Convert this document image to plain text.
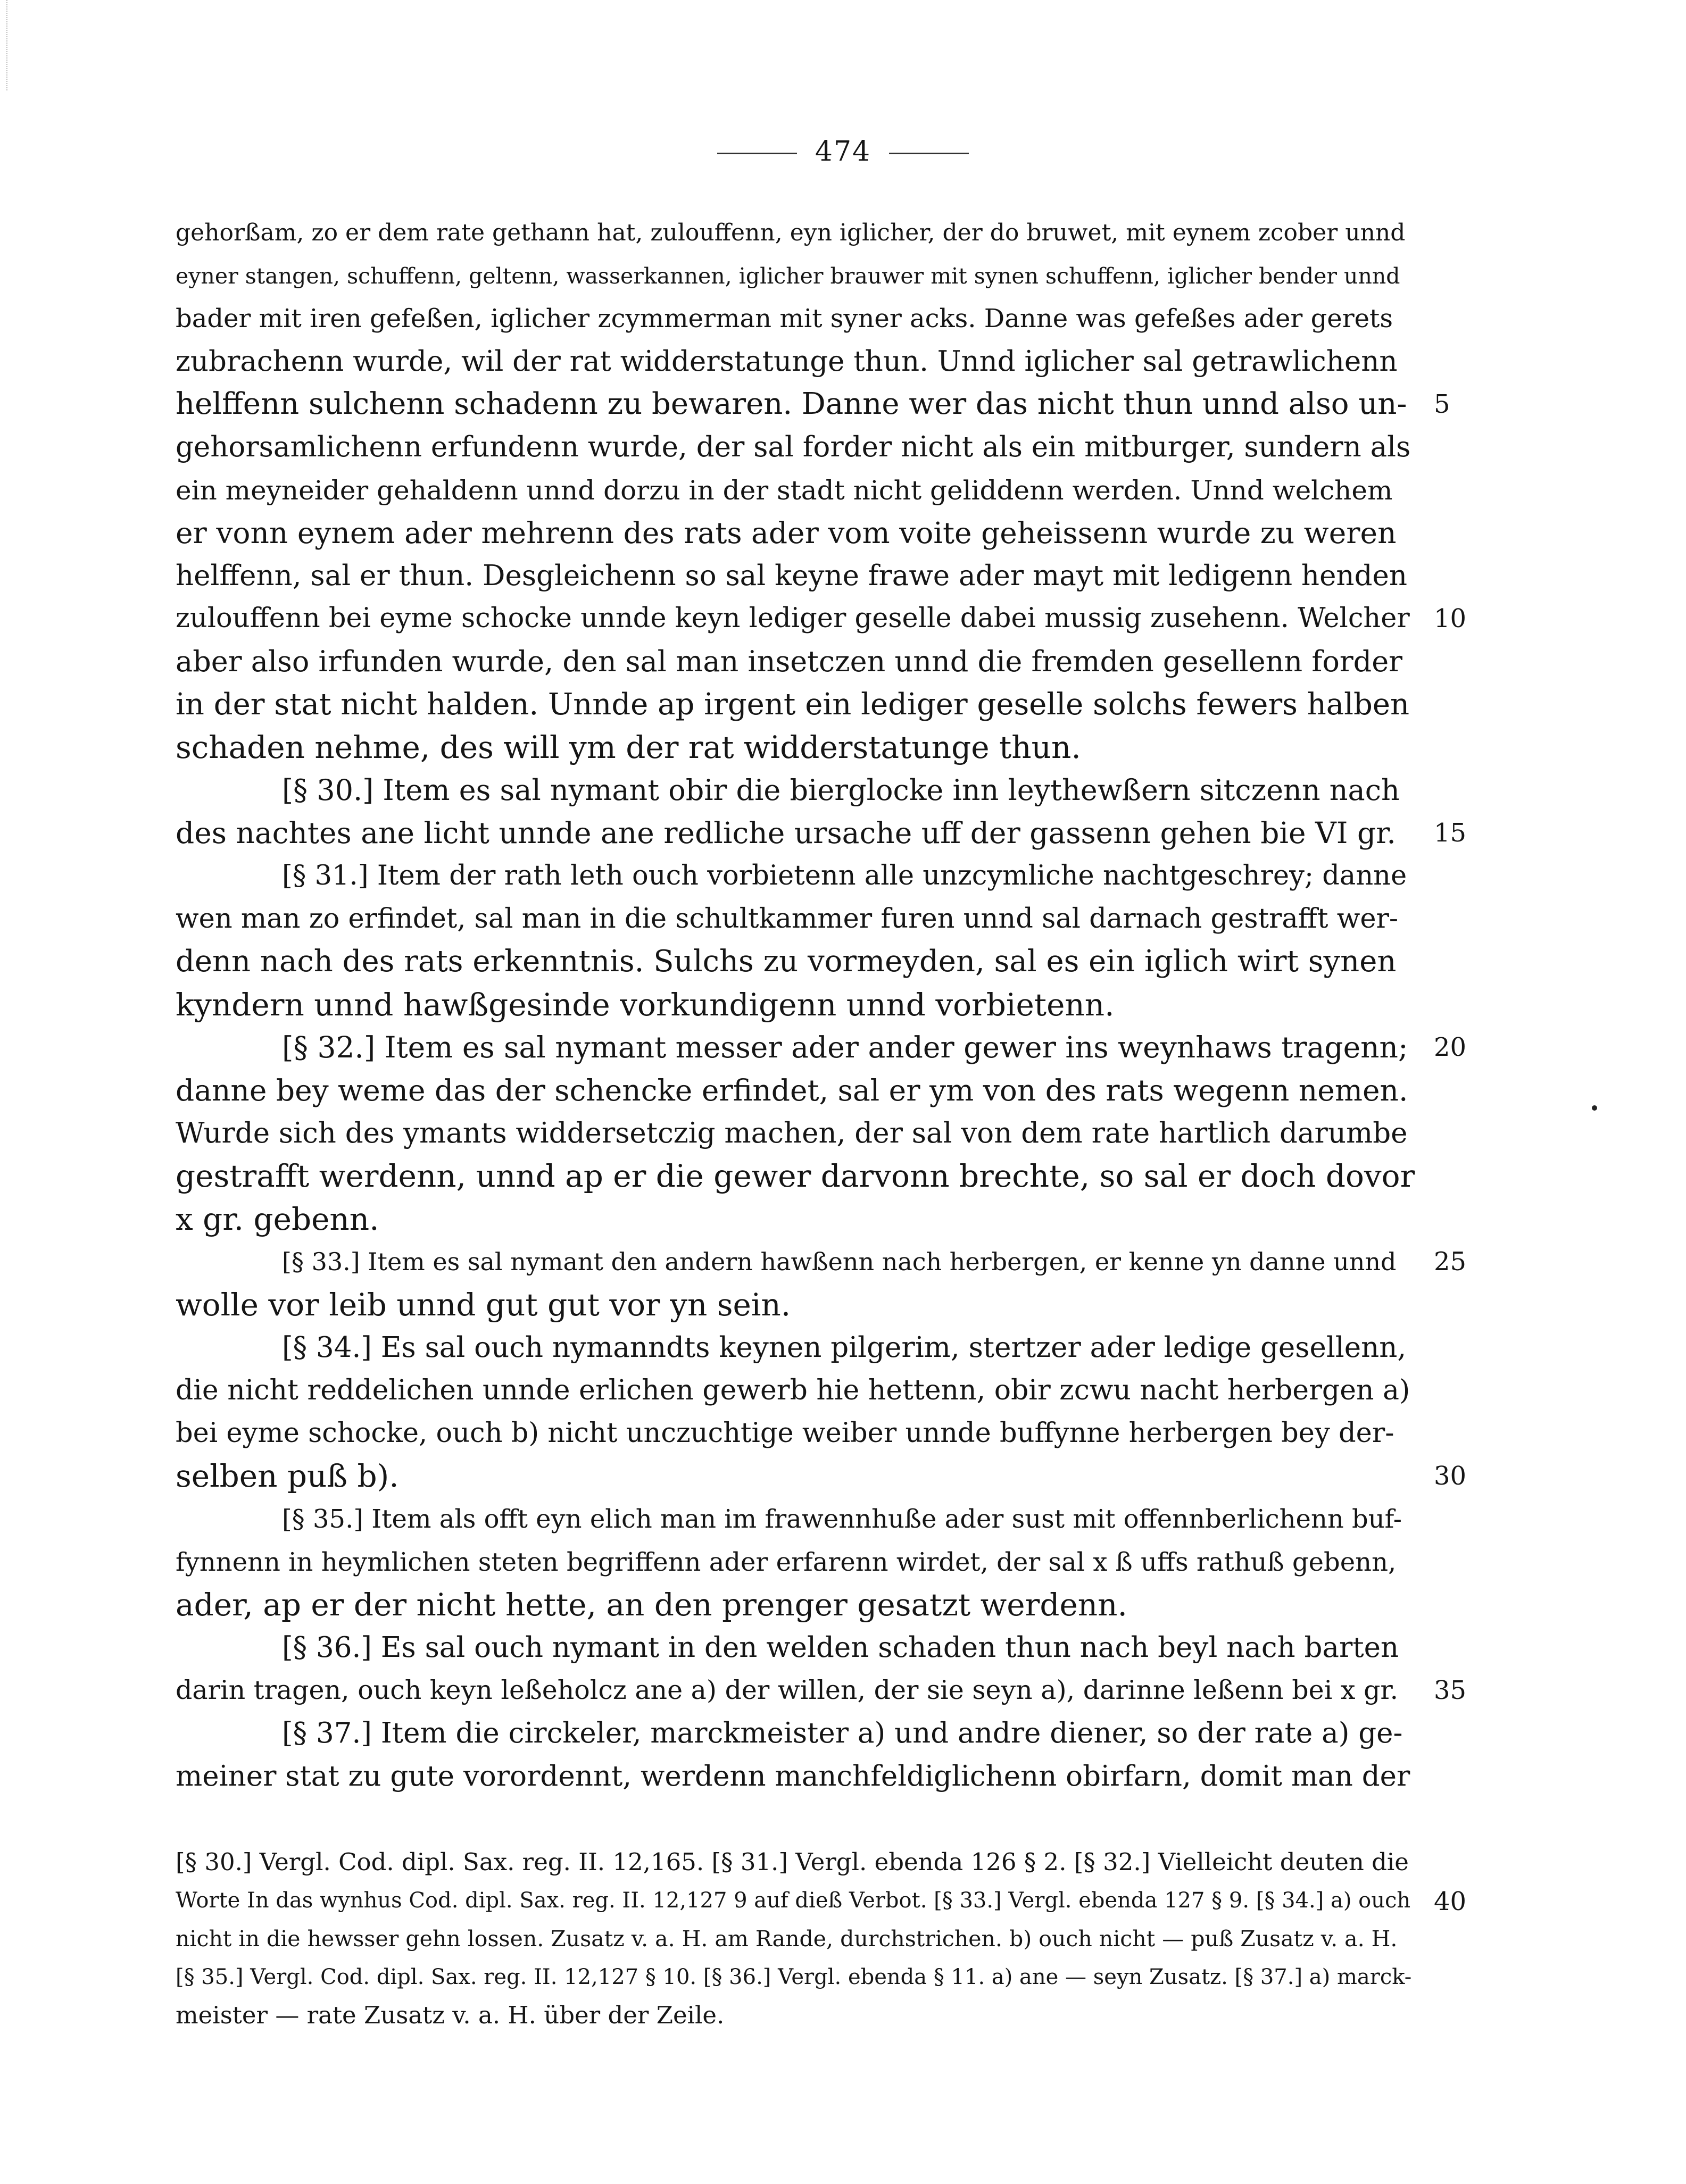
474
gehorßam, zo er dem rate gethann hat, zulouffenn, eyn iglicher, der do bruwet, mit eynem zcober unnd
eyner stangen, schuffenn, geltenn, wasserkannen, iglicher brauwer mit synen schuffenn, iglicher bender unnd
bader mit iren gefeßen, iglicher zcymmerman mit syner acks. Danne was gefeßes ader gerets
zubrachenn wurde, wil der rat widderstatunge thun. Unnd iglicher sal getrawlichenn
helffenn sulchenn schadenn zu bewaren. Danne wer das nicht thun unnd also un-
gehorsamlichenn erfundenn wurde, der sal forder nicht als ein mitburger, sundern als
ein meyneider gehaldenn unnd dorzu in der stadt nicht geliddenn werden. Unnd welchem
er vonn eynem ader mehrenn des rats ader vom voite geheissenn wurde zu weren
helffenn, sal er thun. Desgleichenn so sal keyne frawe ader mayt mit ledigenn henden
zulouffenn bei eyme schocke unnde keyn lediger geselle dabei mussig zusehenn. Welcher
aber also irfunden wurde, den sal man insetczen unnd die fremden gesellenn forder
in der stat nicht halden. Unnde ap irgent ein lediger geselle solchs fewers halben
schaden nehme, des will ym der rat widderstatunge thun.
[§ 30.] Item es sal nymant obir die bierglocke inn leythewßern sitczenn nach
des nachtes ane licht unnde ane redliche ursache uff der gassenn gehen bie VI gr.
[§ 31.] Item der rath leth ouch vorbietenn alle unzcymliche nachtgeschrey; danne
wen man zo erfindet, sal man in die schultkammer furen unnd sal darnach gestrafft wer-
denn nach des rats erkenntnis. Sulchs zu vormeyden, sal es ein iglich wirt synen
kyndern unnd hawßgesinde vorkundigenn unnd vorbietenn.
[§ 32.] Item es sal nymant messer ader ander gewer ins weynhaws tragenn;
danne bey weme das der schencke erfindet, sal er ym von des rats wegenn nemen.
Wurde sich des ymants widdersetczig machen, der sal von dem rate hartlich darumbe
gestrafft werdenn, unnd ap er die gewer darvonn brechte, so sal er doch dovor
x gr. gebenn.
[§ 33.] Item es sal nymant den andern hawßenn nach herbergen, er kenne yn danne unnd
wolle vor leib unnd gut gut vor yn sein.
[§ 34.] Es sal ouch nymanndts keynen pilgerim, stertzer ader ledige gesellenn,
die nicht reddelichen unnde erlichen gewerb hie hettenn, obir zcwu nacht herbergen a)
bei eyme schocke, ouch b) nicht unczuchtige weiber unnde buffynne herbergen bey der-
selben puß b).
[§ 35.] Item als offt eyn elich man im frawennhuße ader sust mit offennberlichenn buf-
fynnenn in heymlichen steten begriffenn ader erfarenn wirdet, der sal x ß uffs rathuß gebenn,
ader, ap er der nicht hette, an den prenger gesatzt werdenn.
[§ 36.] Es sal ouch nymant in den welden schaden thun nach beyl nach barten
darin tragen, ouch keyn leßeholcz ane a) der willen, der sie seyn a), darinne leßenn bei x gr.
[§ 37.] Item die circkeler, marckmeister a) und andre diener, so der rate a) ge-
meiner stat zu gute vorordennt, werdenn manchfeldiglichenn obirfarn, domit man der
5
10
15
20
25
30
35
40
[§ 30.] Vergl. Cod. dipl. Sax. reg. II. 12,165. [§ 31.] Vergl. ebenda 126 § 2. [§ 32.] Vielleicht deuten die
Worte In das wynhus Cod. dipl. Sax. reg. II. 12,127 9 auf dieß Verbot. [§ 33.] Vergl. ebenda 127 § 9. [§ 34.] a) ouch
nicht in die hewsser gehn lossen. Zusatz v. a. H. am Rande, durchstrichen. b) ouch nicht — puß Zusatz v. a. H.
[§ 35.] Vergl. Cod. dipl. Sax. reg. II. 12,127 § 10. [§ 36.] Vergl. ebenda § 11. a) ane — seyn Zusatz. [§ 37.] a) marck-
meister — rate Zusatz v. a. H. über der Zeile.
